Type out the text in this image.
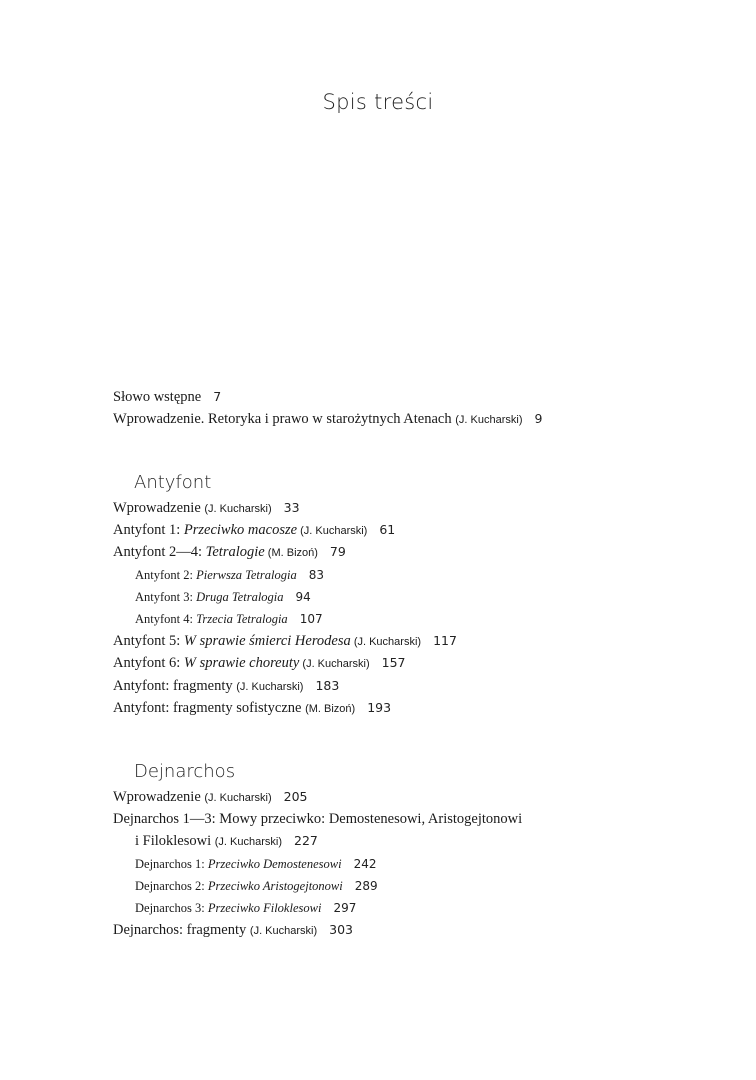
Spis treści
Słowo wstępne 7
Wprowadzenie. Retoryka i prawo w starożytnych Atenach (J. Kucharski) 9
Antyfont
Wprowadzenie (J. Kucharski) 33
Antyfont 1: Przeciwko macosze (J. Kucharski) 61
Antyfont 2—4: Tetralogie (M. Bizoń) 79
Antyfont 2: Pierwsza Tetralogia 83
Antyfont 3: Druga Tetralogia 94
Antyfont 4: Trzecia Tetralogia 107
Antyfont 5: W sprawie śmierci Herodesa (J. Kucharski) 117
Antyfont 6: W sprawie choreuty (J. Kucharski) 157
Antyfont: fragmenty (J. Kucharski) 183
Antyfont: fragmenty sofistyczne (M. Bizoń) 193
Dejnarchos
Wprowadzenie (J. Kucharski) 205
Dejnarchos 1—3: Mowy przeciwko: Demostenesowi, Aristogejtonowi
i Filoklesowi (J. Kucharski) 227
Dejnarchos 1: Przeciwko Demostenesowi 242
Dejnarchos 2: Przeciwko Aristogejtonowi 289
Dejnarchos 3: Przeciwko Filoklesowi 297
Dejnarchos: fragmenty (J. Kucharski) 303
